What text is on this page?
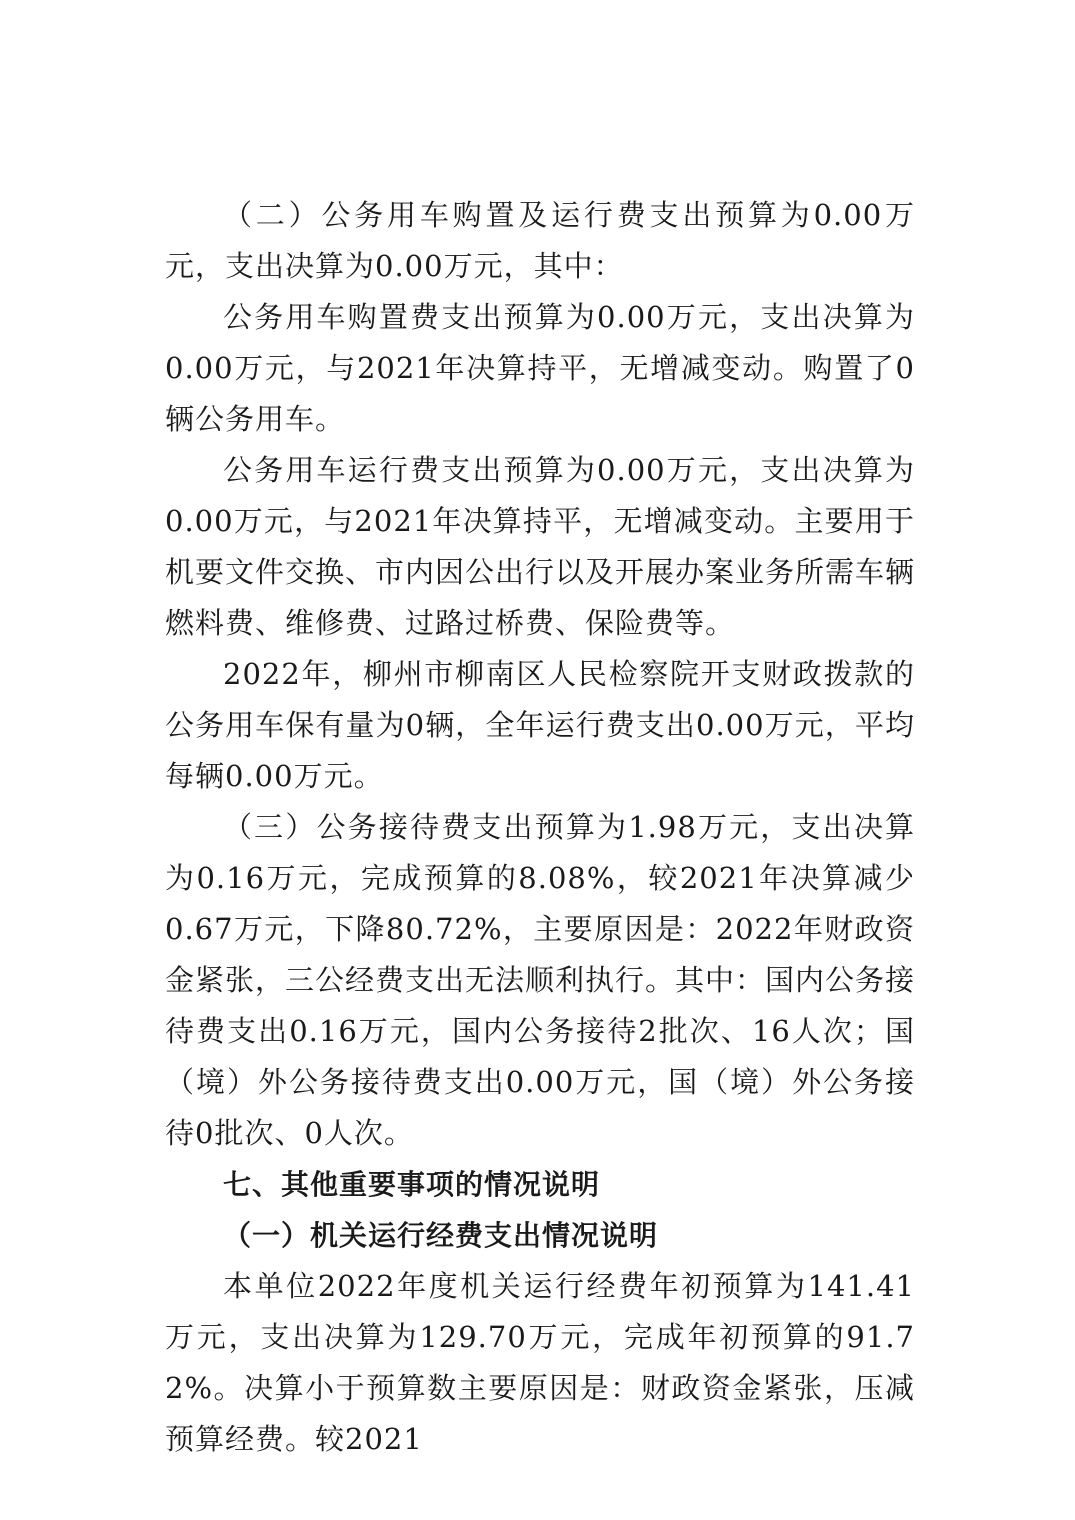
（二）公务用车购置及运行费支出预算为0.00万元，支出决算为0.00万元，其中：

公务用车购置费支出预算为0.00万元，支出决算为0.00万元，与2021年决算持平，无增减变动。购置了0辆公务用车。

公务用车运行费支出预算为0.00万元，支出决算为0.00万元，与2021年决算持平，无增减变动。主要用于机要文件交换、市内因公出行以及开展办案业务所需车辆燃料费、维修费、过路过桥费、保险费等。

2022年，柳州市柳南区人民检察院开支财政拨款的公务用车保有量为0辆，全年运行费支出0.00万元，平均每辆0.00万元。

（三）公务接待费支出预算为1.98万元，支出决算为0.16万元，完成预算的8.08%，较2021年决算减少0.67万元，下降80.72%，主要原因是：2022年财政资金紧张，三公经费支出无法顺利执行。其中：国内公务接待费支出0.16万元，国内公务接待2批次、16人次；国（境）外公务接待费支出0.00万元，国（境）外公务接待0批次、0人次。

七、其他重要事项的情况说明

（一）机关运行经费支出情况说明

本单位2022年度机关运行经费年初预算为141.41万元，支出决算为129.70万元，完成年初预算的91.72%。决算小于预算数主要原因是：财政资金紧张，压减预算经费。较2021
